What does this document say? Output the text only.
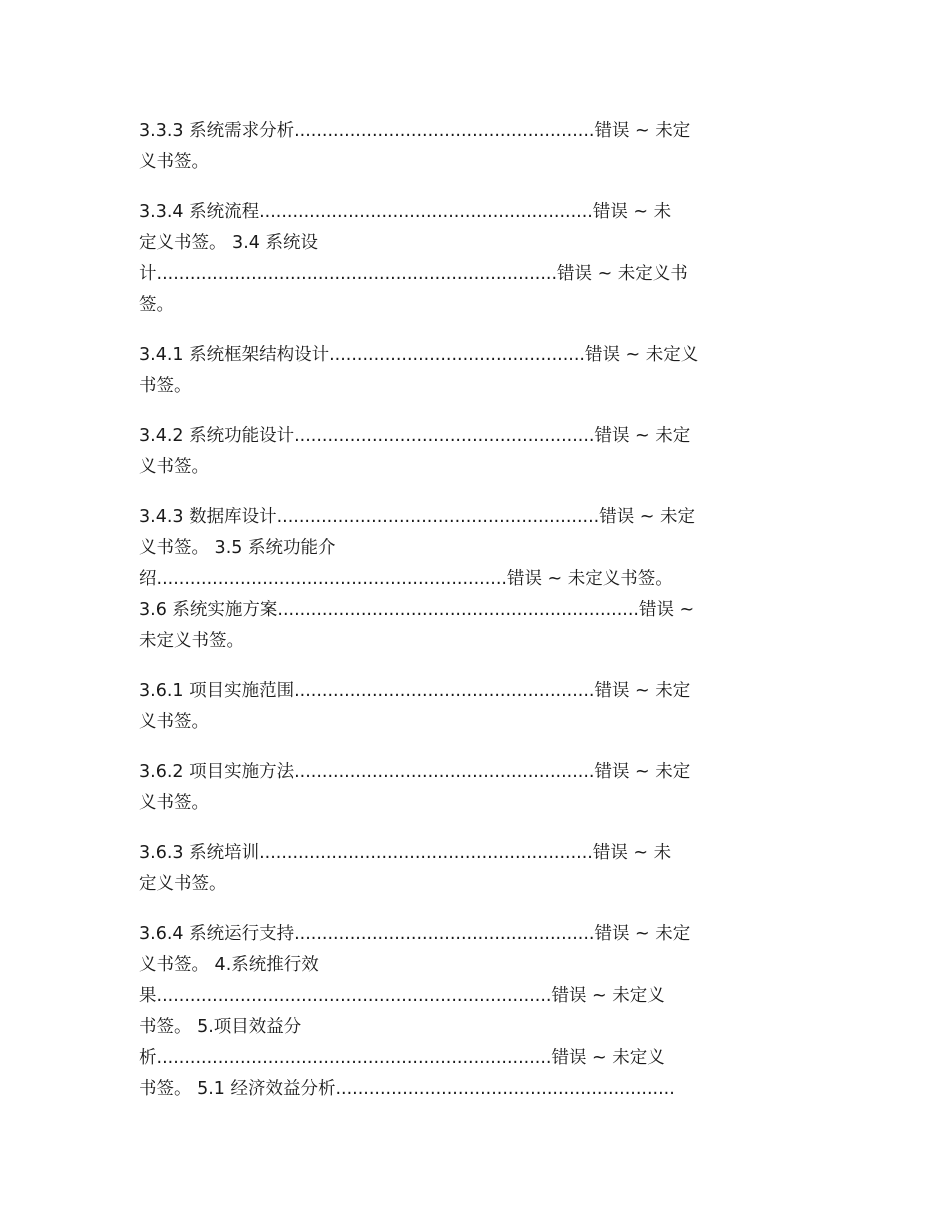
3.3.3 系统需求分析......................................................错误 ~ 未定
义书签。
3.3.4 系统流程............................................................错误 ~ 未
定义书签。 3.4 系统设
计........................................................................错误 ~ 未定义书
签。
3.4.1 系统框架结构设计..............................................错误 ~ 未定义
书签。
3.4.2 系统功能设计......................................................错误 ~ 未定
义书签。
3.4.3 数据库设计..........................................................错误 ~ 未定
义书签。 3.5 系统功能介
绍...............................................................错误 ~ 未定义书签。
3.6 系统实施方案.................................................................错误 ~
未定义书签。
3.6.1 项目实施范围......................................................错误 ~ 未定
义书签。
3.6.2 项目实施方法......................................................错误 ~ 未定
义书签。
3.6.3 系统培训............................................................错误 ~ 未
定义书签。
3.6.4 系统运行支持......................................................错误 ~ 未定
义书签。 4.系统推行效
果.......................................................................错误 ~ 未定义
书签。 5.项目效益分
析.......................................................................错误 ~ 未定义
书签。 5.1 经济效益分析.............................................................
